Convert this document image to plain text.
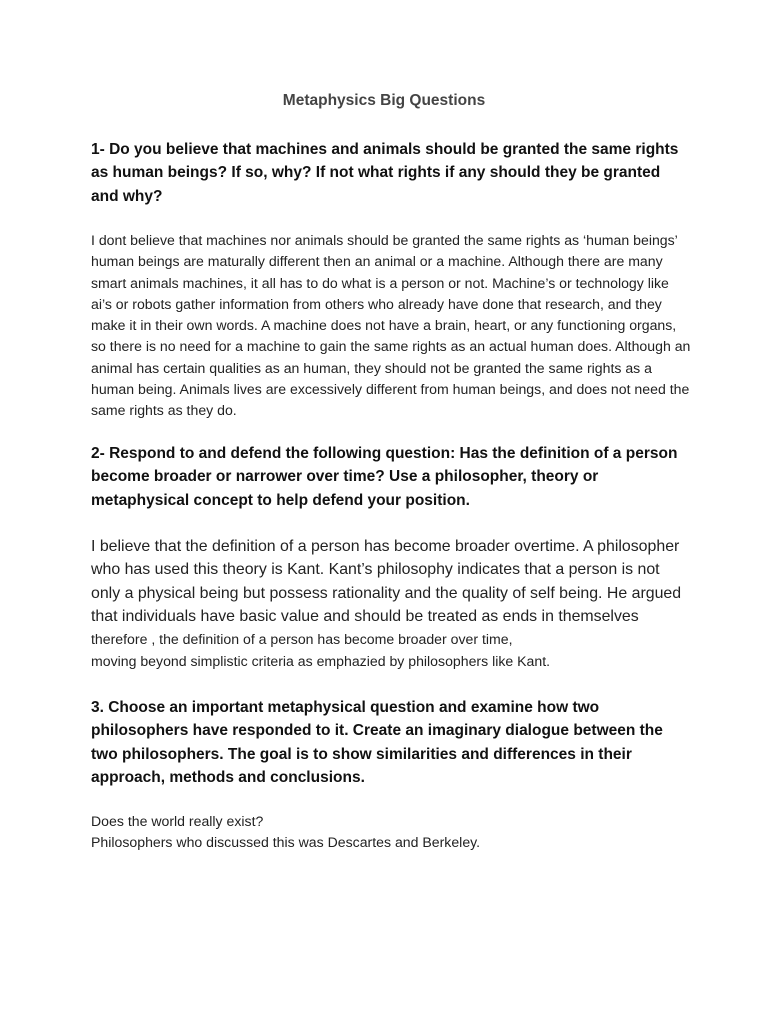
Metaphysics Big Questions

1- Do you believe that machines and animals should be granted the same rights as human beings? If so, why? If not what rights if any should they be granted and why?

I dont believe that machines nor animals should be granted the same rights as ‘human beings’ human beings are maturally different then an animal or a machine. Although there are many smart animals machines, it all has to do what is a person or not. Machine’s or technology like ai’s or robots gather information from others who already have done that research, and they make it in their own words. A machine does not have a brain, heart, or any functioning organs, so there is no need for a machine to gain the same rights as an actual human does. Although an animal has certain qualities as an human, they should not be granted the same rights as a human being. Animals lives are excessively different from human beings, and does not need the same rights as they do.

2- Respond to and defend the following question: Has the definition of a person become broader or narrower over time? Use a philosopher, theory or metaphysical concept to help defend your position.

I believe that the definition of a person has become broader overtime. A philosopher who has used this theory is Kant. Kant’s philosophy indicates that a person is not only a physical being but possess rationality and the quality of self being. He argued that individuals have basic value and should be treated as ends in themselves therefore , the definition of a person has become broader over time,

moving beyond simplistic criteria as emphazied by philosophers like Kant.

3. Choose an important metaphysical question and examine how two philosophers have responded to it. Create an imaginary dialogue between the two philosophers. The goal is to show similarities and differences in their approach, methods and conclusions.

Does the world really exist?
Philosophers who discussed this was Descartes and Berkeley.
